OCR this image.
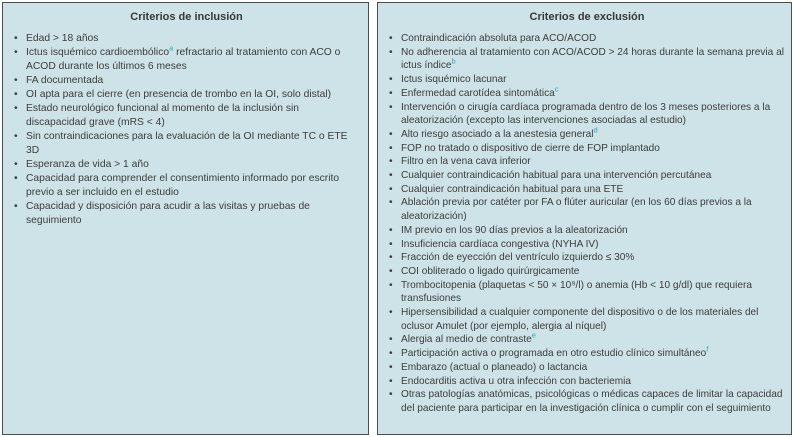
Criterios de inclusión
• Edad > 18 años
• Ictus isquémico cardioembólico$^a$ refractario al tratamiento con ACO o ACOD durante los últimos 6 meses
• FA documentada
• OI apta para el cierre (en presencia de trombo en la OI, solo distal)
• Estado neurológico funcional al momento de la inclusión sin discapacidad grave (mRS < 4)
• Sin contraindicaciones para la evaluación de la OI mediante TC o ETE 3D
• Esperanza de vida > 1 año
• Capacidad para comprender el consentimiento informado por escrito previo a ser incluido en el estudio
• Capacidad y disposición para acudir a las visitas y pruebas de seguimiento
Criterios de exclusión
• Contraindicación absoluta para ACO/ACOD
• No adherencia al tratamiento con ACO/ACOD > 24 horas durante la semana previa al ictus índice$^b$
• Ictus isquémico lacunar
• Enfermedad carotídea sintomática$^c$
• Intervención o cirugía cardíaca programada dentro de los 3 meses posteriores a la aleatorización (excepto las intervenciones asociadas al estudio)
• Alto riesgo asociado a la anestesia general$^d$
• FOP no tratado o dispositivo de cierre de FOP implantado
• Filtro en la vena cava inferior
• Cualquier contraindicación habitual para una intervención percutánea
• Cualquier contraindicación habitual para una ETE
• Ablación previa por catéter por FA o flúter auricular (en los 60 días previos a la aleatorización)
• IM previo en los 90 días previos a la aleatorización
• Insuficiencia cardíaca congestiva (NYHA IV)
• Fracción de eyección del ventrículo izquierdo ≤ 30%
• COI obliterado o ligado quirúrgicamente
• Trombocitopenia (plaquetas < 50 × 10⁹/l) o anemia (Hb < 10 g/dl) que requiera transfusiones
• Hipersensibilidad a cualquier componente del dispositivo o de los materiales del oclusor Amulet (por ejemplo, alergia al níquel)
• Alergia al medio de contraste$^e$
• Participación activa o programada en otro estudio clínico simultáneo$^f$
• Embarazo (actual o planeado) o lactancia
• Endocarditis activa u otra infección con bacteriemia
• Otras patologías anatómicas, psicológicas o médicas capaces de limitar la capacidad del paciente para participar en la investigación clínica o cumplir con el seguimiento
